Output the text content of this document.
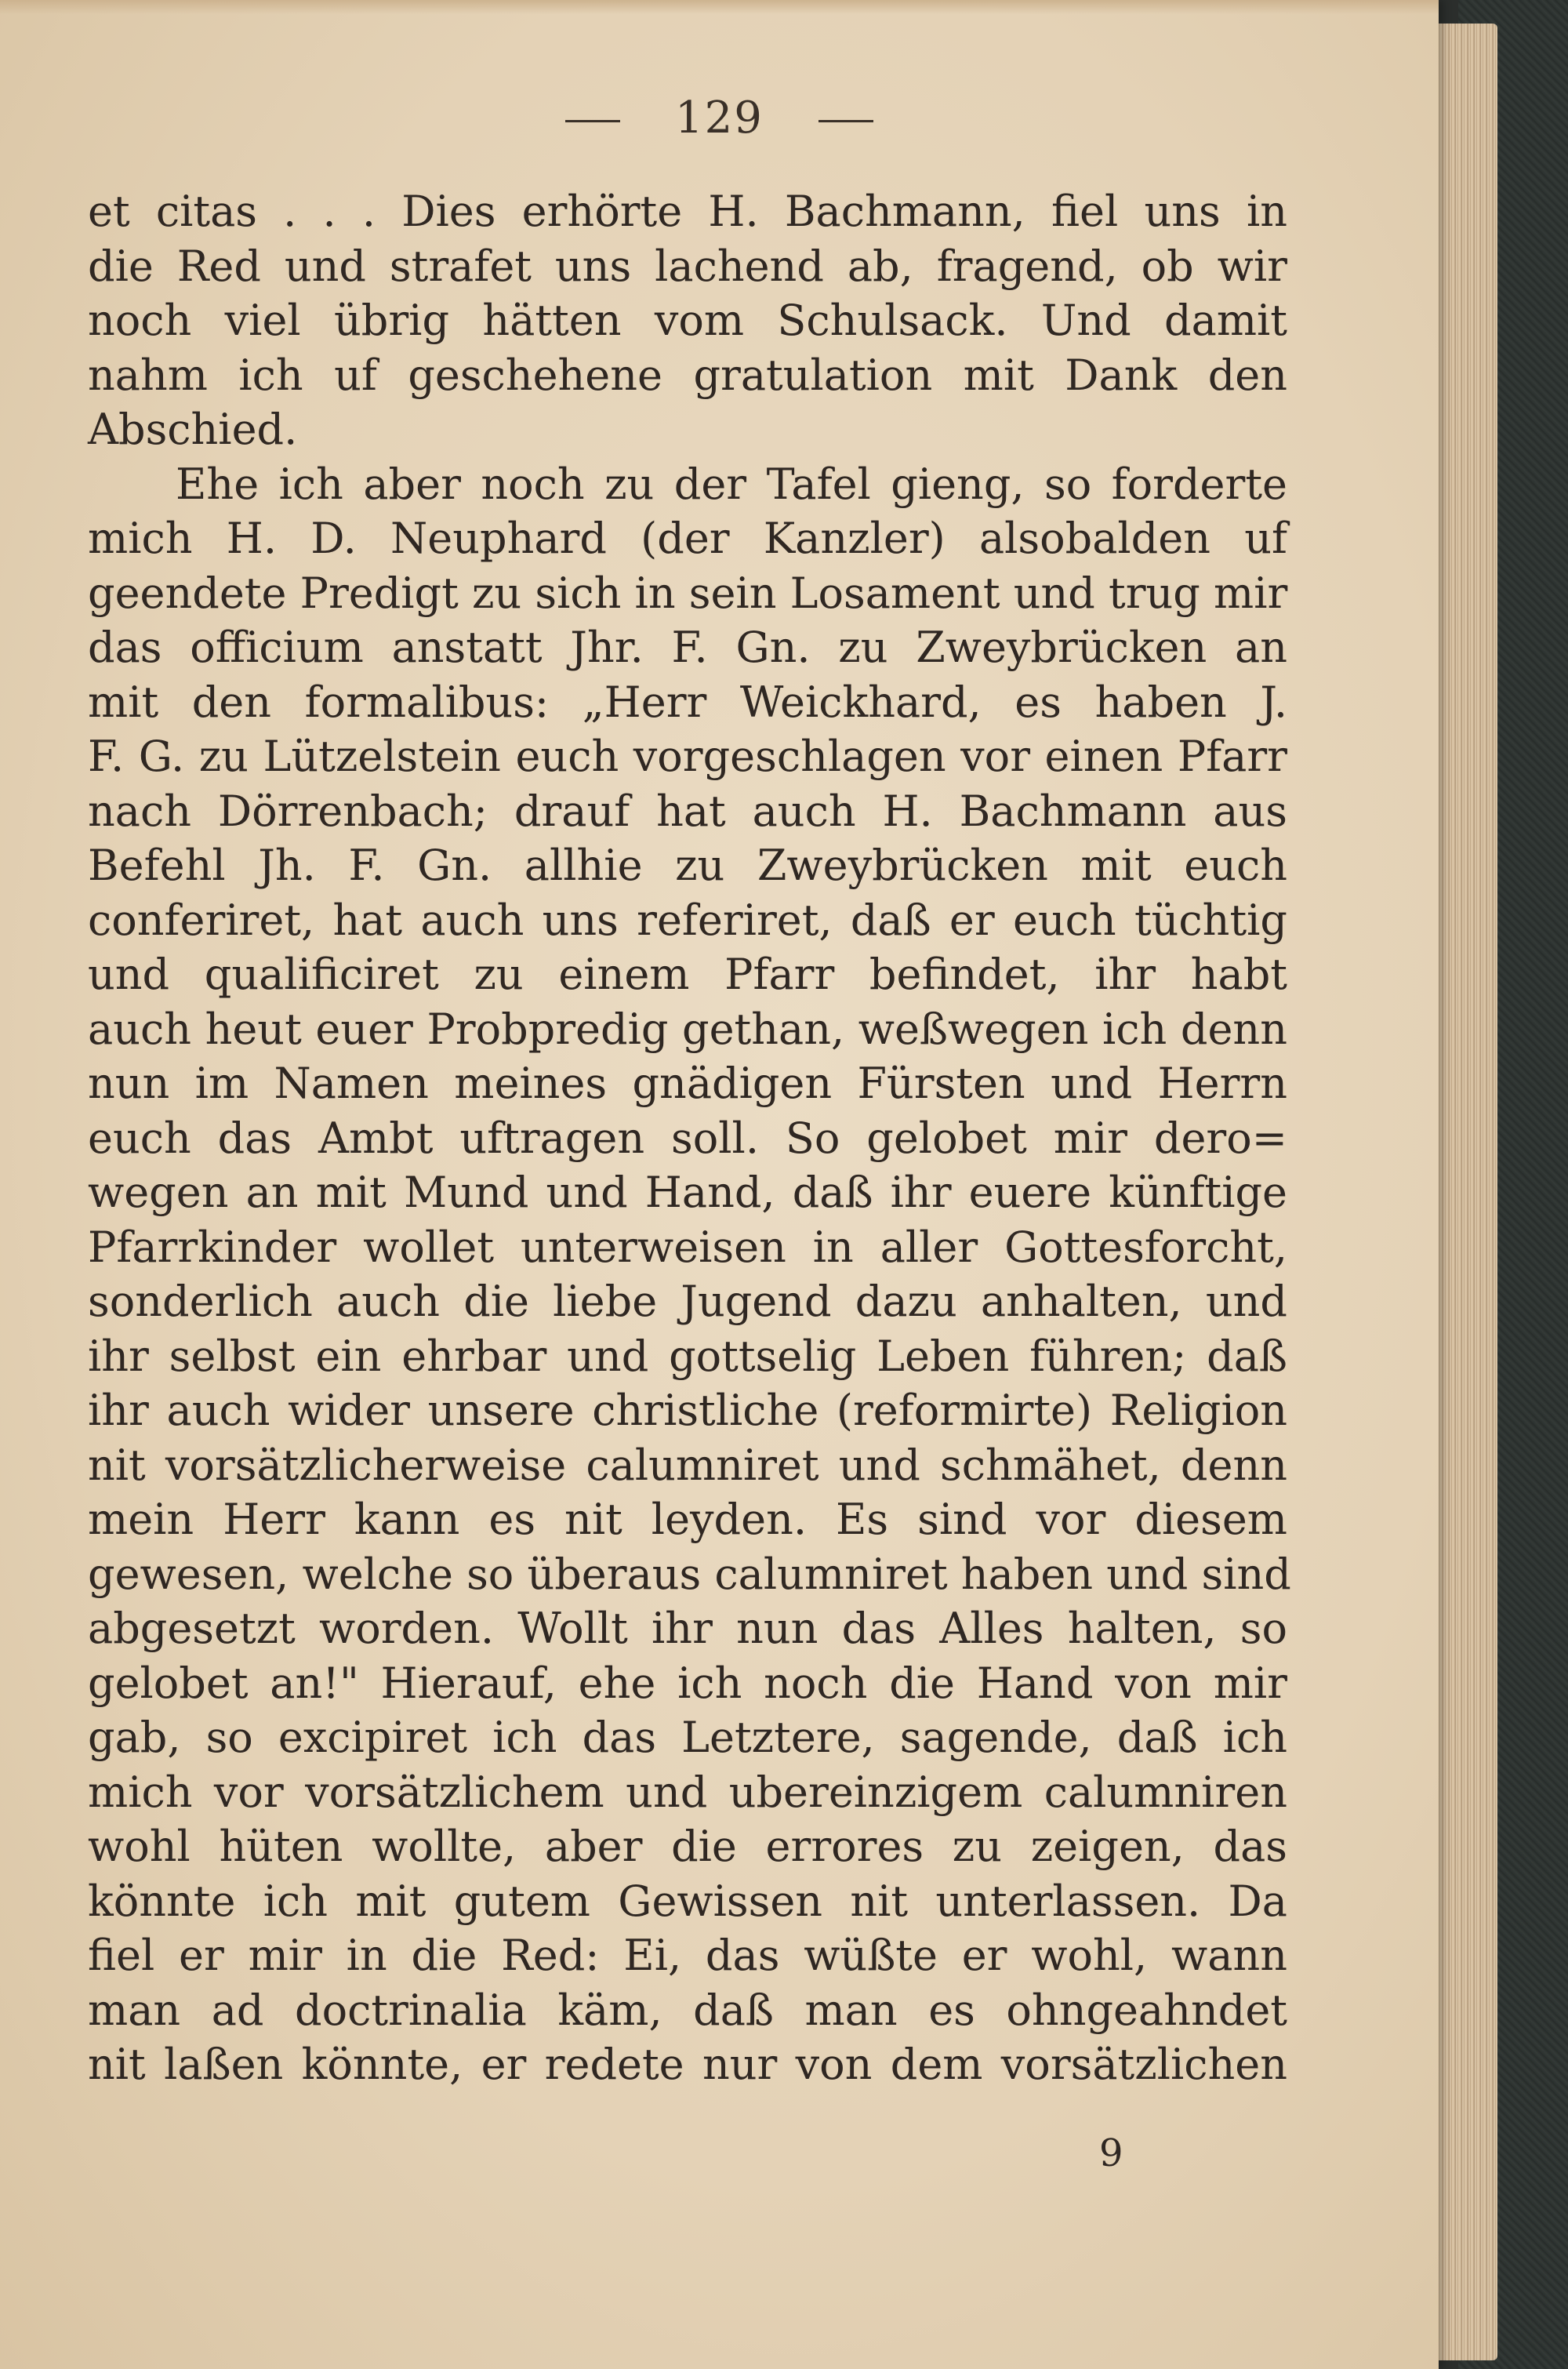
129
et citas . . . Dies erhörte H. Bachmann, fiel uns in
die Red und strafet uns lachend ab, fragend, ob wir
noch viel übrig hätten vom Schulsack. Und damit
nahm ich uf geschehene gratulation mit Dank den
Abschied.
Ehe ich aber noch zu der Tafel gieng, so forderte
mich H. D. Neuphard (der Kanzler) alsobalden uf
geendete Predigt zu sich in sein Losament und trug mir
das officium anstatt Jhr. F. Gn. zu Zweybrücken an
mit den formalibus: „Herr Weickhard, es haben J.
F. G. zu Lützelstein euch vorgeschlagen vor einen Pfarr
nach Dörrenbach; drauf hat auch H. Bachmann aus
Befehl Jh. F. Gn. allhie zu Zweybrücken mit euch
conferiret, hat auch uns referiret, daß er euch tüchtig
und qualificiret zu einem Pfarr befindet, ihr habt
auch heut euer Probpredig gethan, weßwegen ich denn
nun im Namen meines gnädigen Fürsten und Herrn
euch das Ambt uftragen soll. So gelobet mir dero=
wegen an mit Mund und Hand, daß ihr euere künftige
Pfarrkinder wollet unterweisen in aller Gottesforcht,
sonderlich auch die liebe Jugend dazu anhalten, und
ihr selbst ein ehrbar und gottselig Leben führen; daß
ihr auch wider unsere christliche (reformirte) Religion
nit vorsätzlicherweise calumniret und schmähet, denn
mein Herr kann es nit leyden. Es sind vor diesem
gewesen, welche so überaus calumniret haben und sind
abgesetzt worden. Wollt ihr nun das Alles halten, so
gelobet an!" Hierauf, ehe ich noch die Hand von mir
gab, so excipiret ich das Letztere, sagende, daß ich
mich vor vorsätzlichem und ubereinzigem calumniren
wohl hüten wollte, aber die errores zu zeigen, das
könnte ich mit gutem Gewissen nit unterlassen. Da
fiel er mir in die Red: Ei, das wüßte er wohl, wann
man ad doctrinalia käm, daß man es ohngeahndet
nit laßen könnte, er redete nur von dem vorsätzlichen
9
